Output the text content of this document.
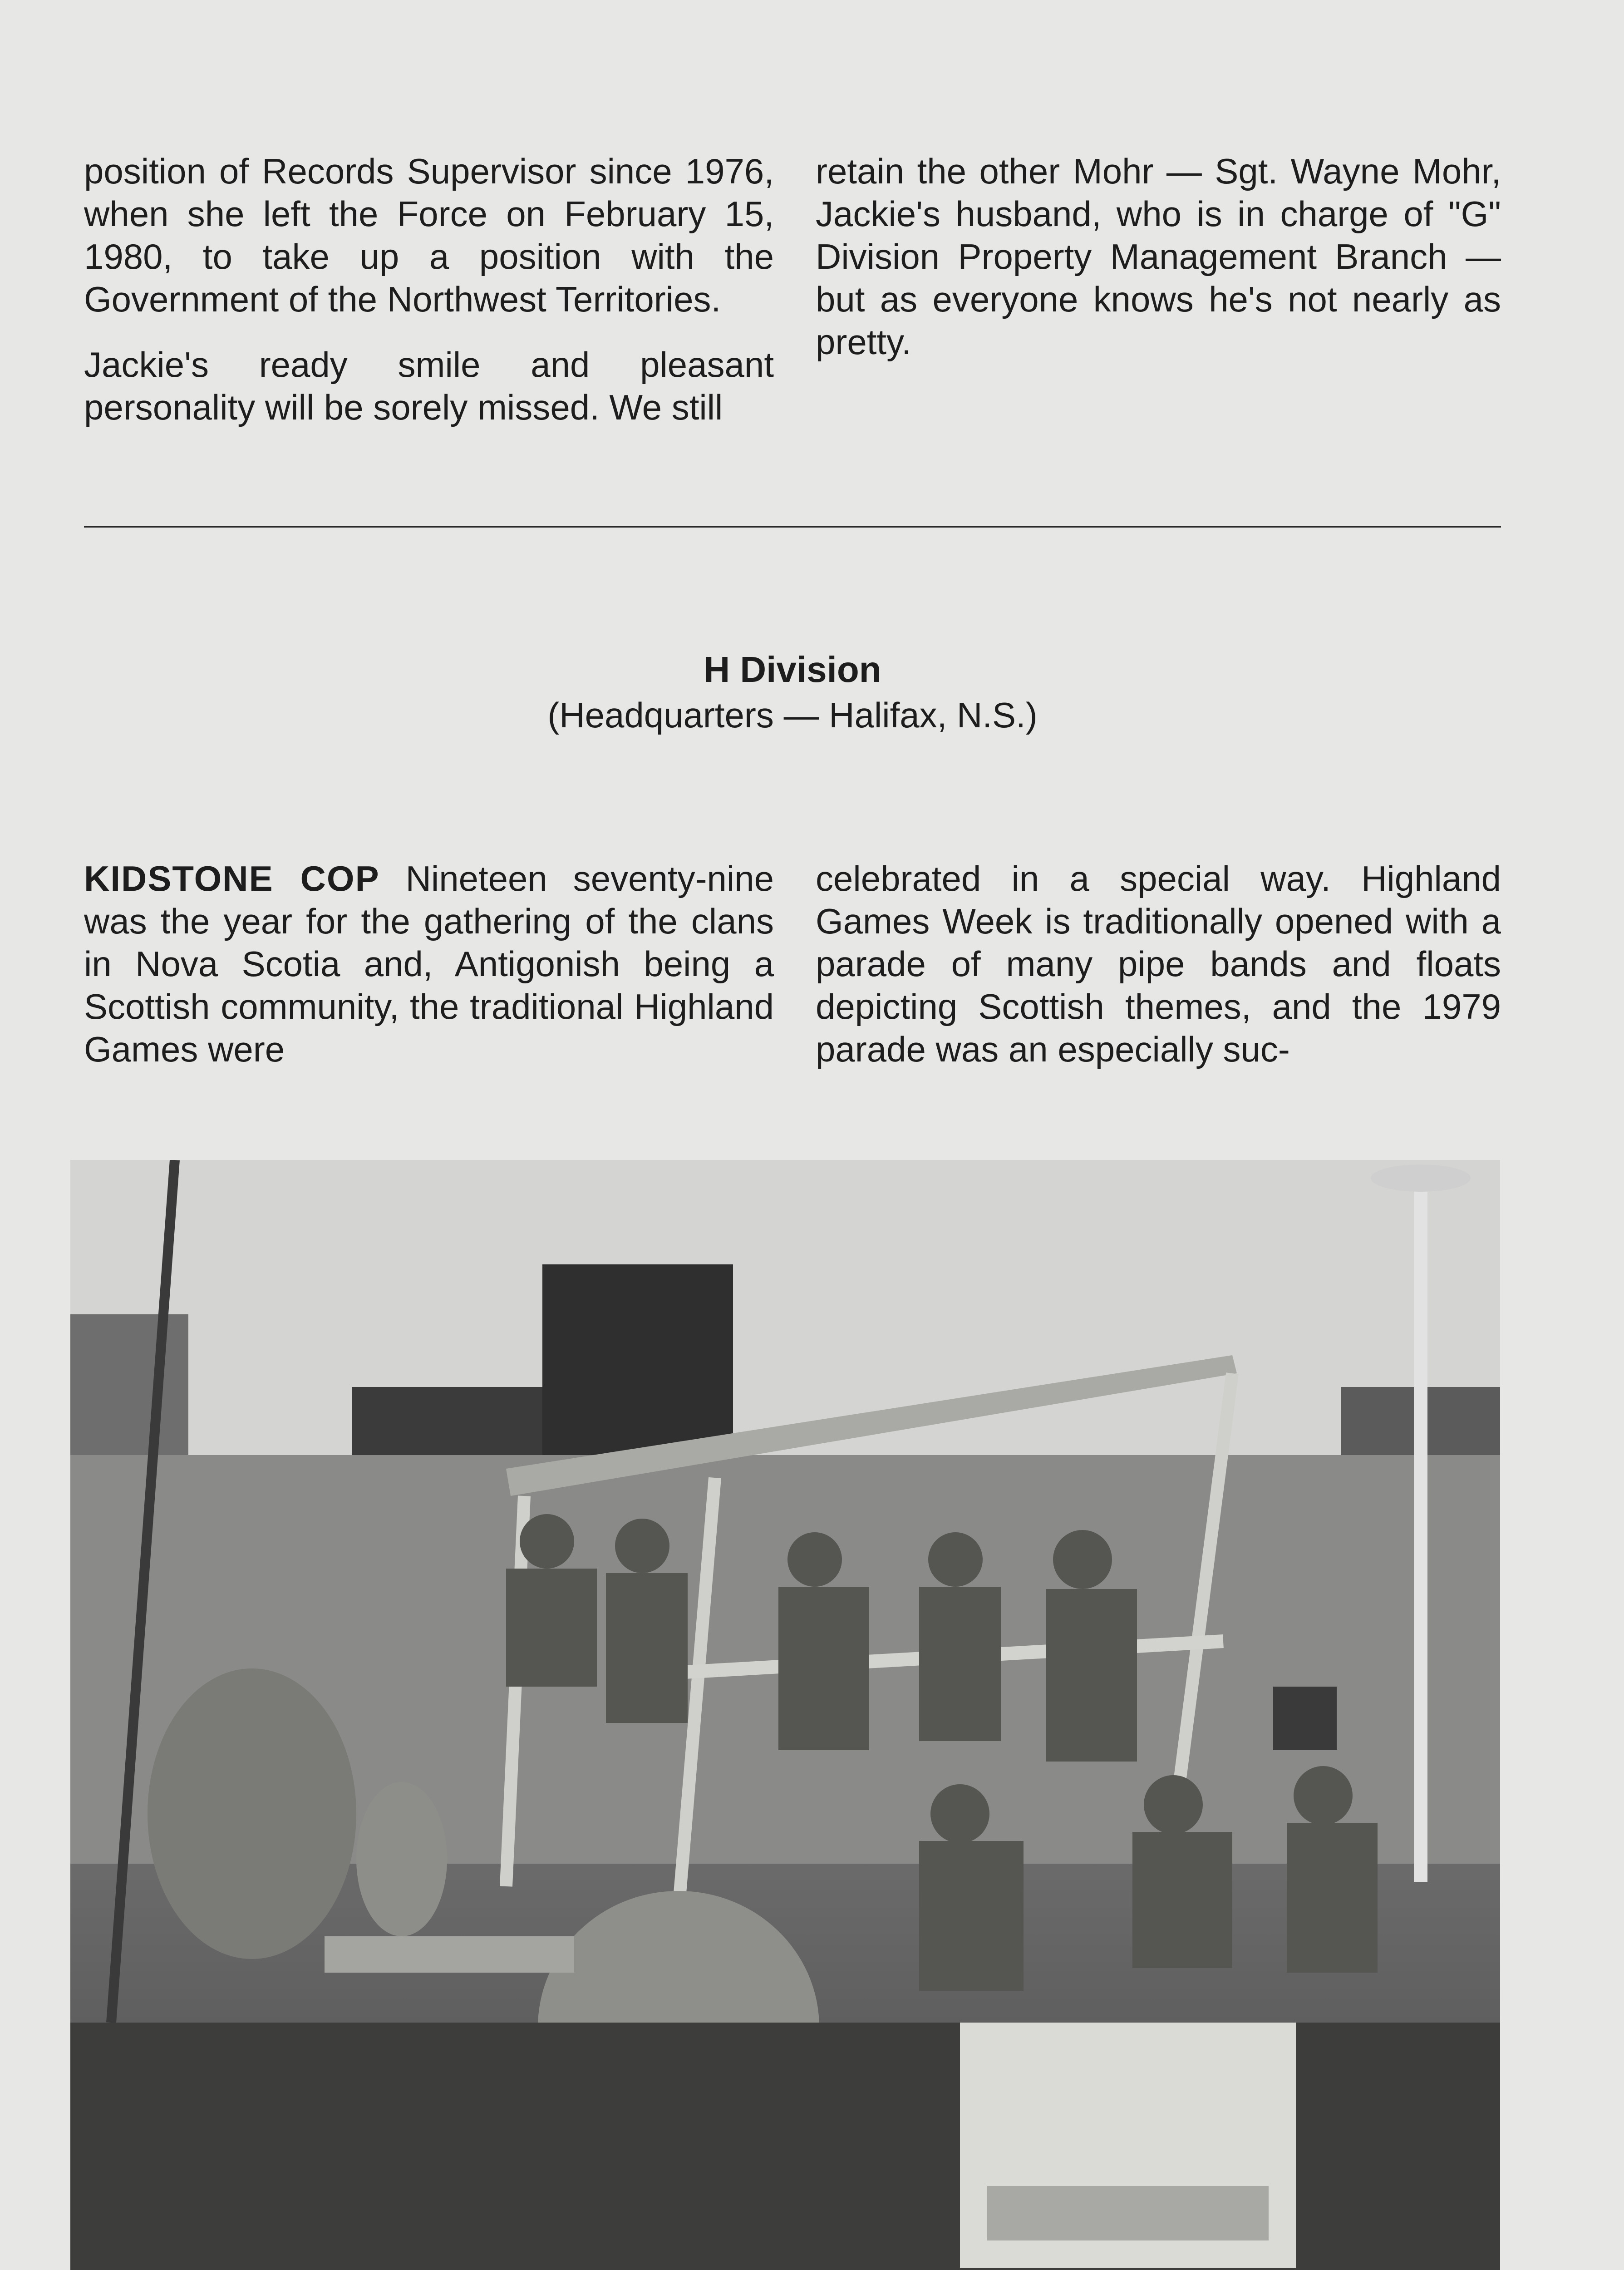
position of Records Supervisor since 1976, when she left the Force on February 15, 1980, to take up a position with the Government of the Northwest Territories.

Jackie's ready smile and pleasant personality will be sorely missed. We still

retain the other Mohr — Sgt. Wayne Mohr, Jackie's husband, who is in charge of "G" Division Property Management Branch — but as everyone knows he's not nearly as pretty.

H Division
(Headquarters — Halifax, N.S.)

KIDSTONE COP Nineteen seventy-nine was the year for the gathering of the clans in Nova Scotia and, Antigonish being a Scottish community, the traditional Highland Games were

celebrated in a special way. Highland Games Week is traditionally opened with a parade of many pipe bands and floats depicting Scottish themes, and the 1979 parade was an especially suc-
